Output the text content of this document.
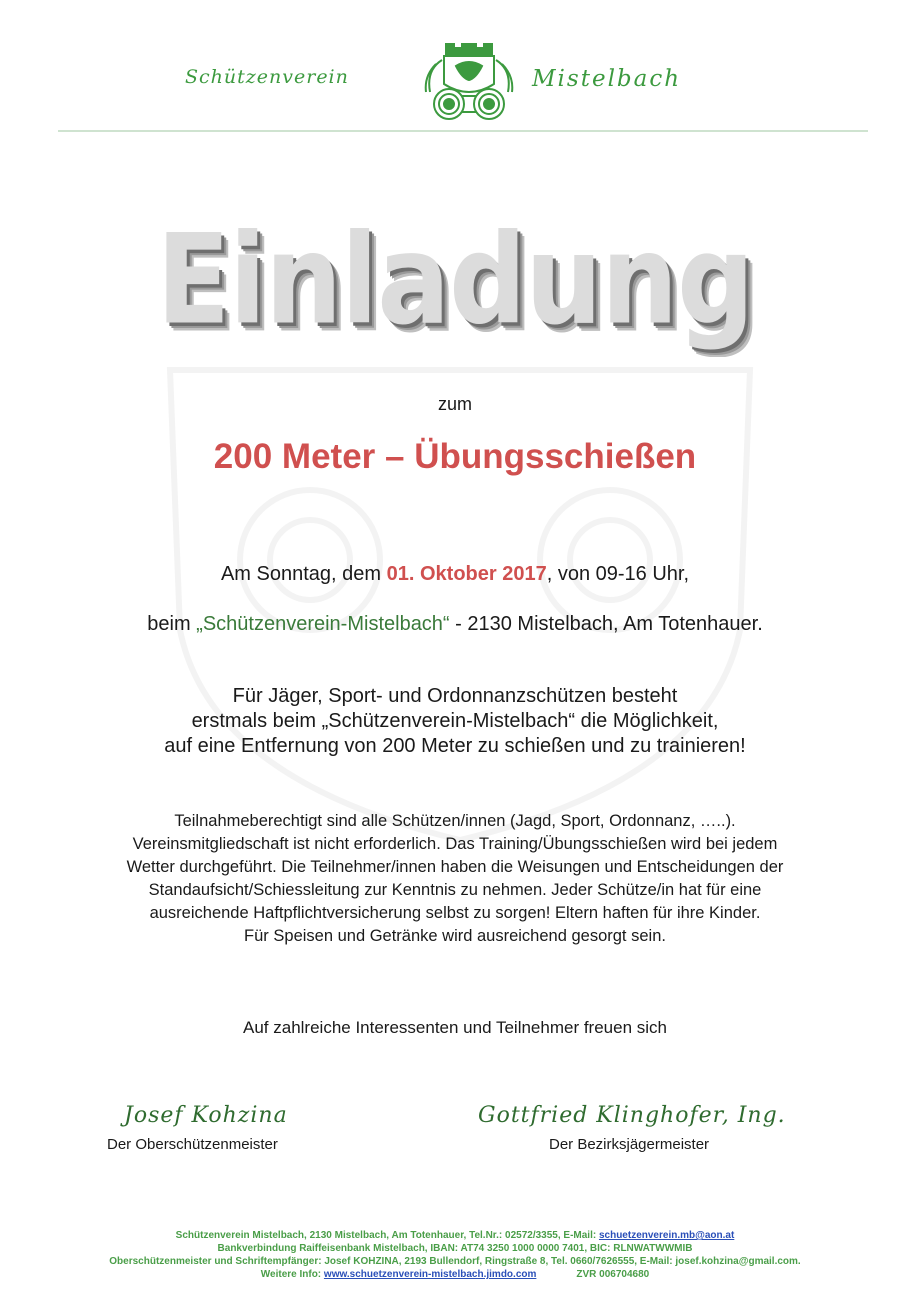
Schützenverein	Mistelbach
Einladung
zum
200 Meter – Übungsschießen
Am Sonntag, dem 01. Oktober 2017, von 09-16 Uhr,
beim „Schützenverein-Mistelbach“ - 2130 Mistelbach, Am Totenhauer.
Für Jäger, Sport- und Ordonnanzschützen besteht
erstmals beim „Schützenverein-Mistelbach“ die Möglichkeit,
auf eine Entfernung von 200 Meter zu schießen und zu trainieren!
Teilnahmeberechtigt sind alle Schützen/innen (Jagd, Sport, Ordonnanz, …..).
Vereinsmitgliedschaft ist nicht erforderlich. Das Training/Übungsschießen wird bei jedem
Wetter durchgeführt. Die Teilnehmer/innen haben die Weisungen und Entscheidungen der
Standaufsicht/Schiessleitung zur Kenntnis zu nehmen. Jeder Schütze/in hat für eine
ausreichende Haftpflichtversicherung selbst zu sorgen! Eltern haften für ihre Kinder.
Für Speisen und Getränke wird ausreichend gesorgt sein.
Auf zahlreiche Interessenten und Teilnehmer freuen sich
Josef Kohzina
Der Oberschützenmeister
Gottfried Klinghofer, Ing.
Der Bezirksjägermeister
Schützenverein Mistelbach, 2130 Mistelbach, Am Totenhauer, Tel.Nr.: 02572/3355, E-Mail: schuetzenverein.mb@aon.at
Bankverbindung Raiffeisenbank Mistelbach, IBAN: AT74 3250 1000 0000 7401, BIC: RLNWATWWMIB
Oberschützenmeister und Schriftempfänger: Josef KOHZINA, 2193 Bullendorf, Ringstraße 8, Tel. 0660/7626555, E-Mail: josef.kohzina@gmail.com.
Weitere Info: www.schuetzenverein-mistelbach.jimdo.com	ZVR 006704680
